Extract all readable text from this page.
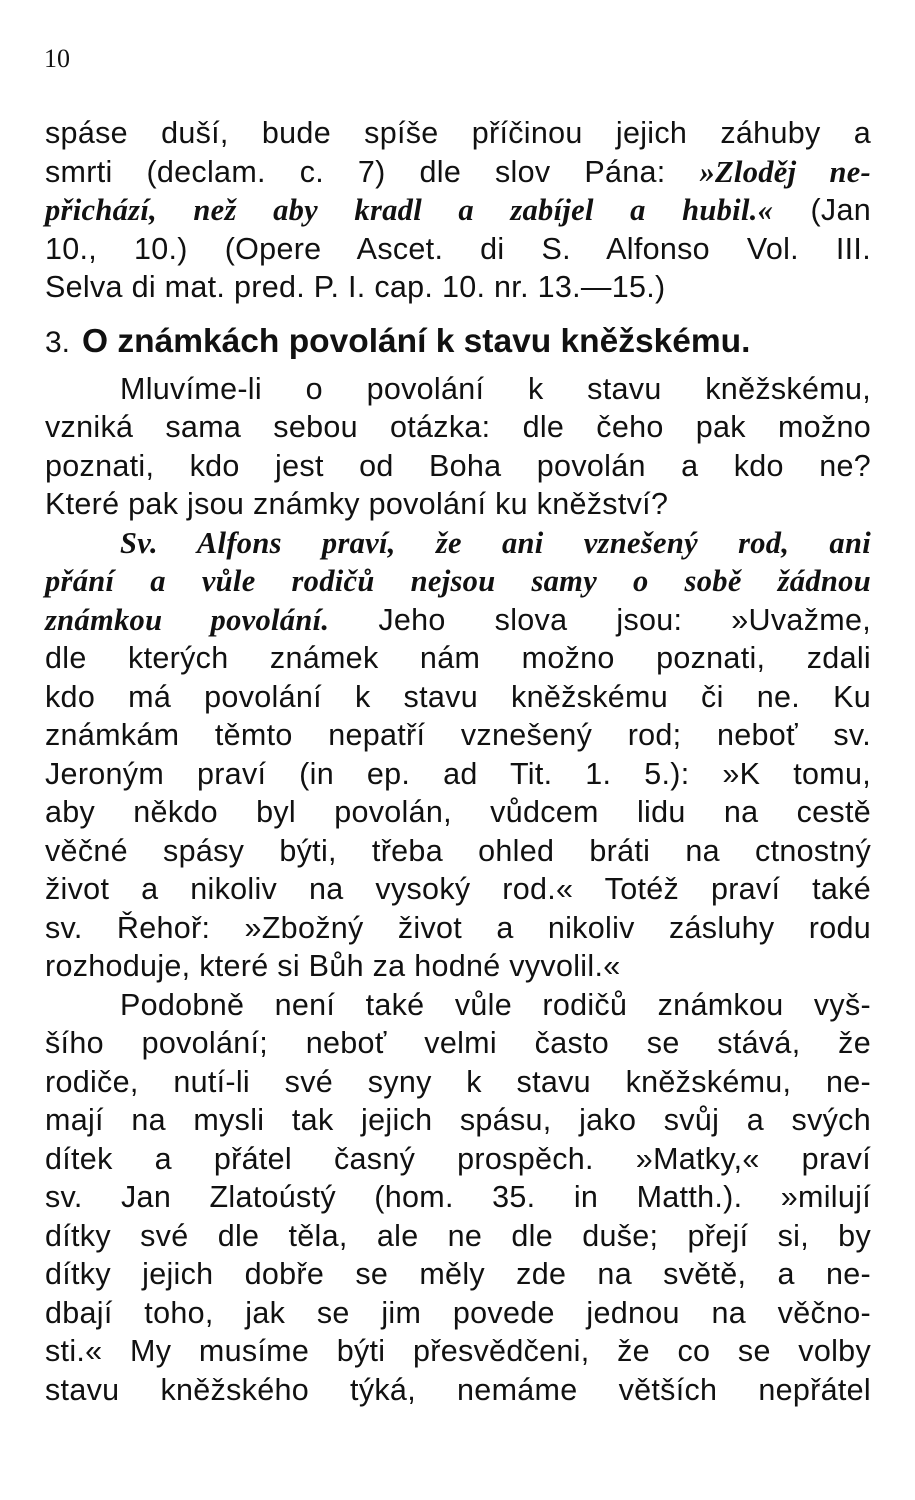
10
spáse duší, bude spíše příčinou jejich záhuby a
smrti (declam. c. 7) dle slov Pána: »Zloděj ne-
přichází, než aby kradl a zabíjel a hubil.« (Jan
10., 10.) (Opere Ascet. di S. Alfonso Vol. III.
Selva di mat. pred. P. I. cap. 10. nr. 13.—15.)
3. O známkách povolání k stavu kněžskému.
Mluvíme-li o povolání k stavu kněžskému,
vzniká sama sebou otázka: dle čeho pak možno
poznati, kdo jest od Boha povolán a kdo ne?
Které pak jsou známky povolání ku kněžství?
Sv. Alfons praví, že ani vznešený rod, ani
přání a vůle rodičů nejsou samy o sobě žádnou
známkou povolání. Jeho slova jsou: »Uvažme,
dle kterých známek nám možno poznati, zdali
kdo má povolání k stavu kněžskému či ne. Ku
známkám těmto nepatří vznešený rod; neboť sv.
Jeroným praví (in ep. ad Tit. 1. 5.): »K tomu,
aby někdo byl povolán, vůdcem lidu na cestě
věčné spásy býti, třeba ohled bráti na ctnostný
život a nikoliv na vysoký rod.« Totéž praví také
sv. Řehoř: »Zbožný život a nikoliv zásluhy rodu
rozhoduje, které si Bůh za hodné vyvolil.«
Podobně není také vůle rodičů známkou vyš-
šího povolání; neboť velmi často se stává, že
rodiče, nutí-li své syny k stavu kněžskému, ne-
mají na mysli tak jejich spásu, jako svůj a svých
dítek a přátel časný prospěch. »Matky,« praví
sv. Jan Zlatoústý (hom. 35. in Matth.). »milují
dítky své dle těla, ale ne dle duše; přejí si, by
dítky jejich dobře se měly zde na světě, a ne-
dbají toho, jak se jim povede jednou na věčno-
sti.« My musíme býti přesvědčeni, že co se volby
stavu kněžského týká, nemáme větších nepřátel
